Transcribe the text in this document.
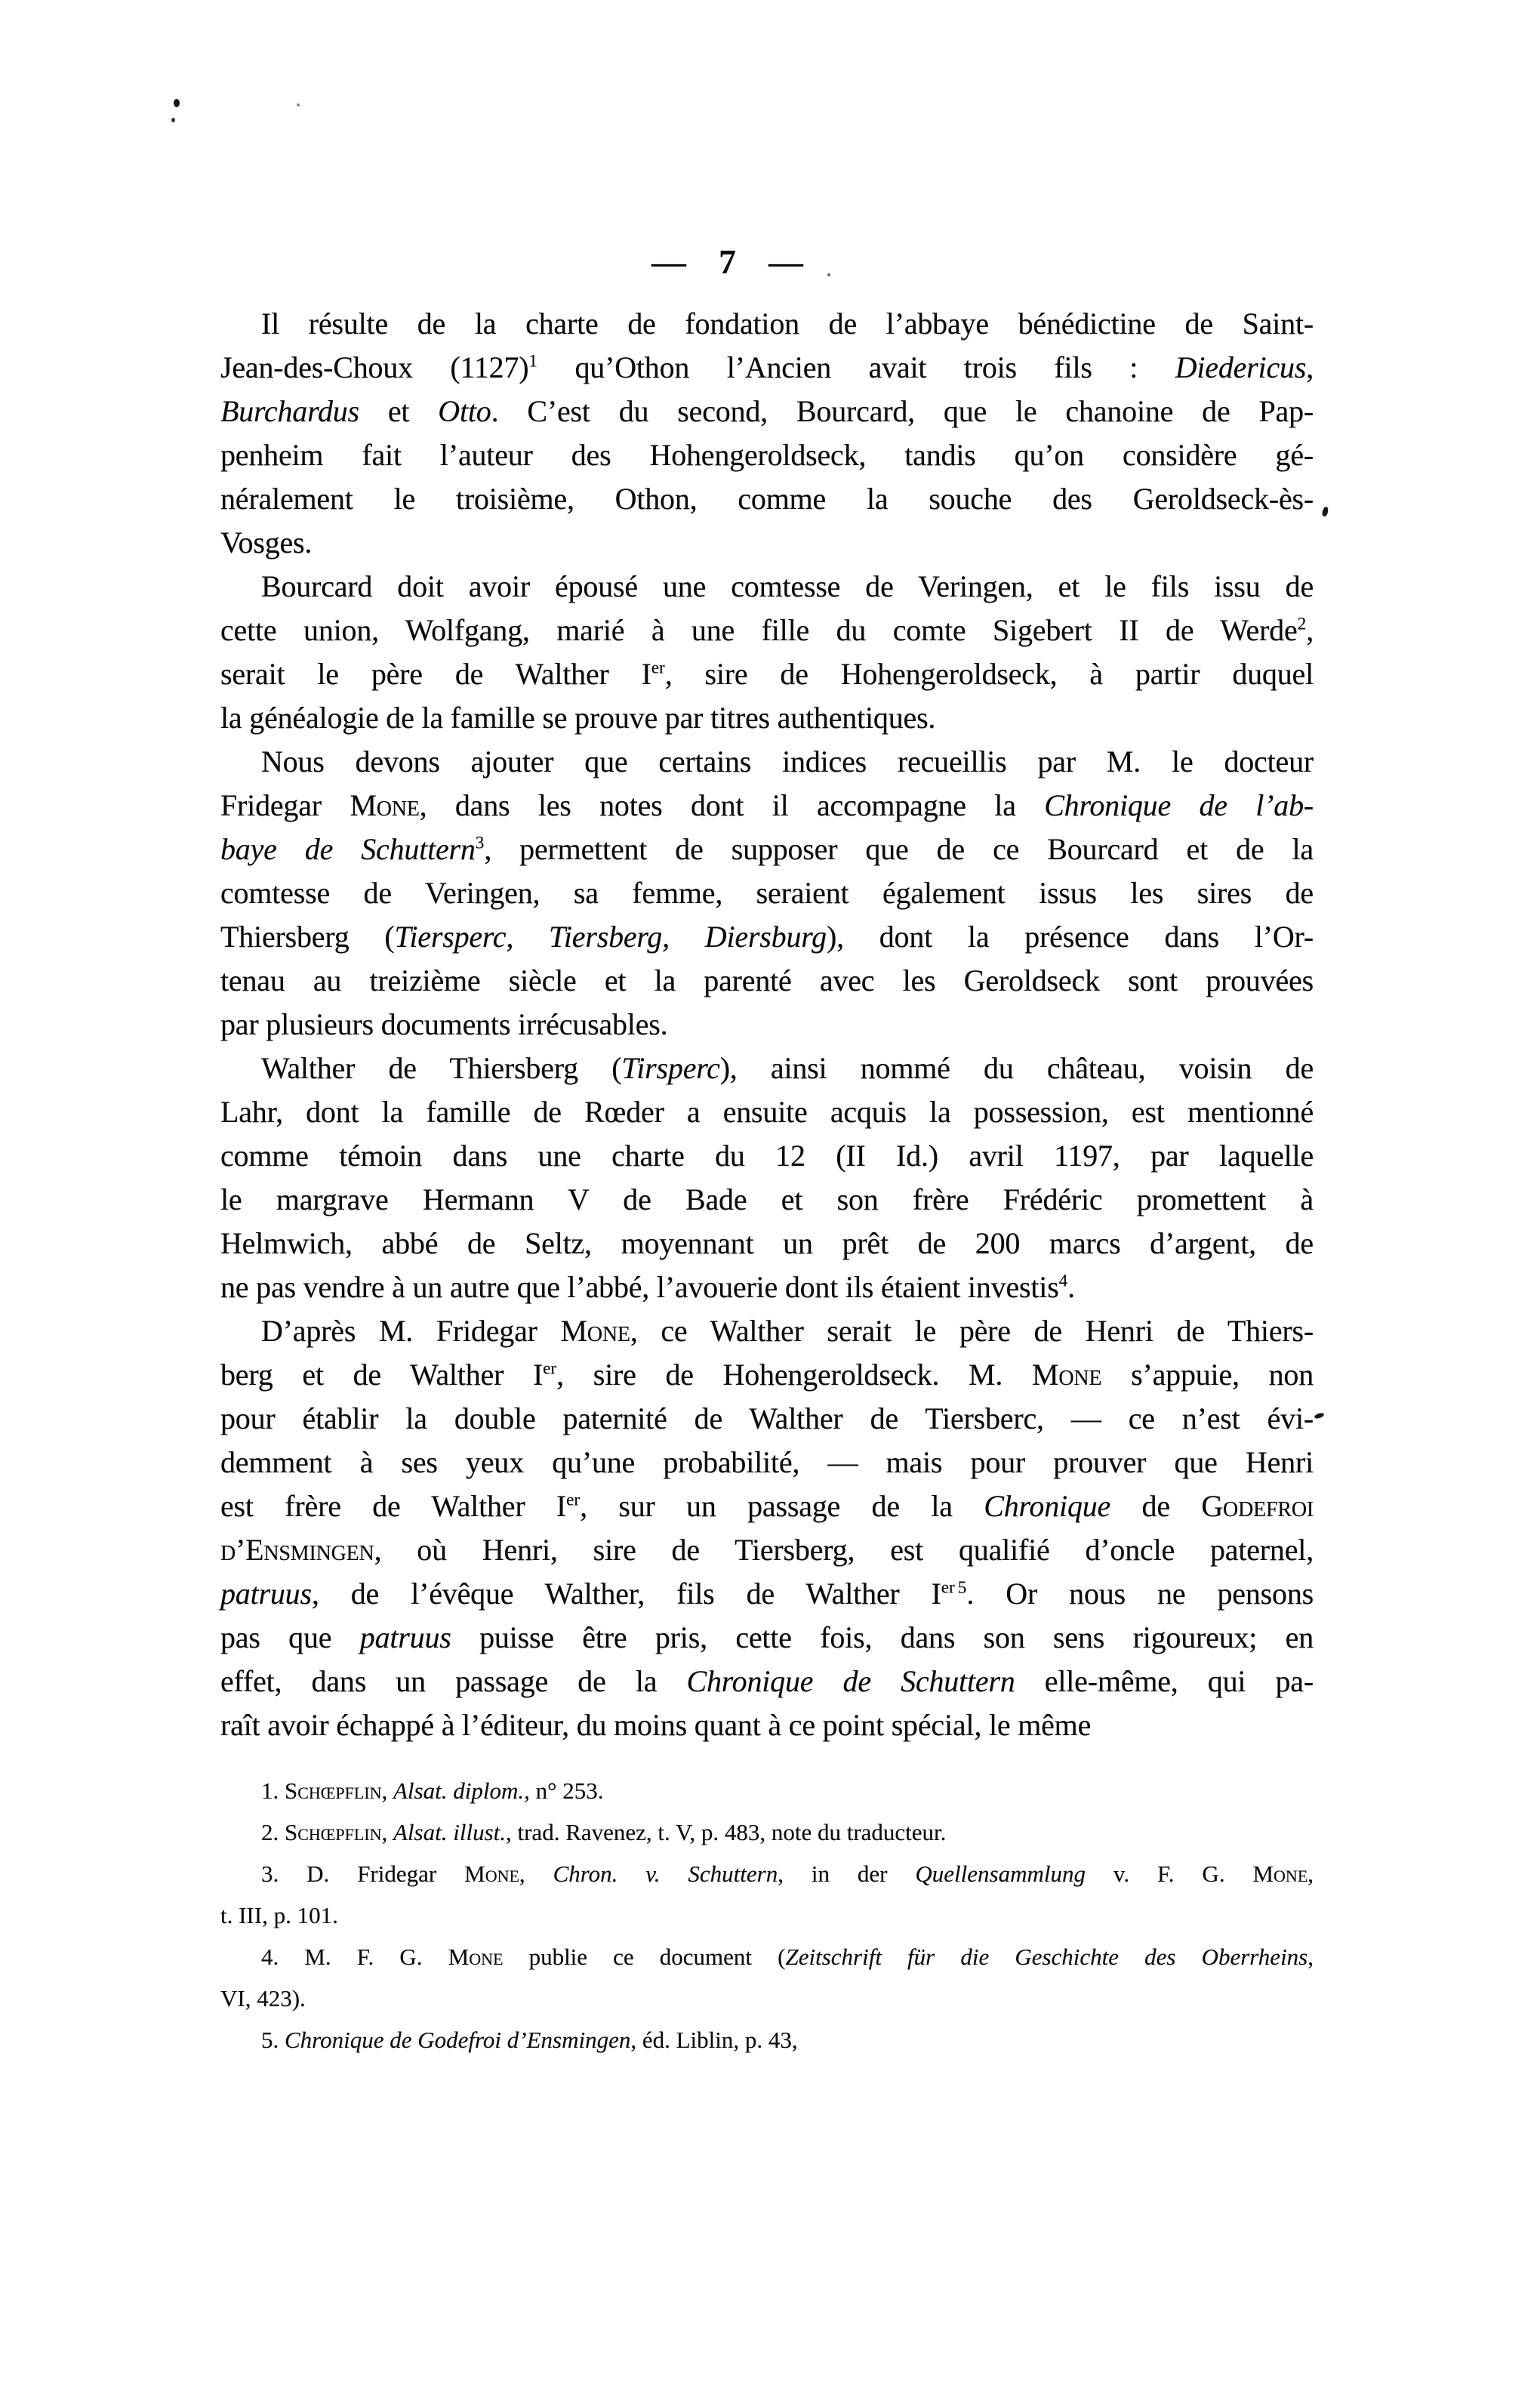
— 7 —
Il résulte de la charte de fondation de l’abbaye bénédictine de Saint-
Jean-des-Choux $(1127)^1$ qu’Othon l’Ancien avait trois fils : Diedericus,
Burchardus et Otto. C’est du second, Bourcard, que le chanoine de Pap-
penheim fait l’auteur des Hohengeroldseck, tandis qu’on considère gé-
néralement le troisième, Othon, comme la souche des Geroldseck-ès-
Vosges.
Bourcard doit avoir épousé une comtesse de Veringen, et le fils issu de
cette union, Wolfgang, marié à une fille du comte Sigebert II de Werde$^2$,
serait le père de Walther Ier, sire de Hohengeroldseck, à partir duquel
la généalogie de la famille se prouve par titres authentiques.
Nous devons ajouter que certains indices recueillis par M. le docteur
Fridegar Mone, dans les notes dont il accompagne la Chronique de l’ab-
baye de Schuttern$^3$, permettent de supposer que de ce Bourcard et de la
comtesse de Veringen, sa femme, seraient également issus les sires de
Thiersberg (Tiersperc, Tiersberg, Diersburg), dont la présence dans l’Or-
tenau au treizième siècle et la parenté avec les Geroldseck sont prouvées
par plusieurs documents irrécusables.
Walther de Thiersberg (Tirsperc), ainsi nommé du château, voisin de
Lahr, dont la famille de Rœder a ensuite acquis la possession, est mentionné
comme témoin dans une charte du 12 (II Id.) avril 1197, par laquelle
le margrave Hermann V de Bade et son frère Frédéric promettent à
Helmwich, abbé de Seltz, moyennant un prêt de 200 marcs d’argent, de
ne pas vendre à un autre que l’abbé, l’avouerie dont ils étaient investis$^4$.
D’après M. Fridegar Mone, ce Walther serait le père de Henri de Thiers-
berg et de Walther Ier, sire de Hohengeroldseck. M. Mone s’appuie, non
pour établir la double paternité de Walther de Tiersberc, — ce n’est évi-
demment à ses yeux qu’une probabilité, — mais pour prouver que Henri
est frère de Walther Ier, sur un passage de la Chronique de Godefroi
d’Ensmingen, où Henri, sire de Tiersberg, est qualifié d’oncle paternel,
patruus, de l’évêque Walther, fils de Walther Ier $^5$. Or nous ne pensons
pas que patruus puisse être pris, cette fois, dans son sens rigoureux; en
effet, dans un passage de la Chronique de Schuttern elle-même, qui pa-
raît avoir échappé à l’éditeur, du moins quant à ce point spécial, le même
1. Schœpflin, Alsat. diplom., n° 253.
2. Schœpflin, Alsat. illust., trad. Ravenez, t. V, p. 483, note du traducteur.
3. D. Fridegar Mone, Chron. v. Schuttern, in der Quellensammlung v. F. G. Mone,
t. III, p. 101.
4. M. F. G. Mone publie ce document (Zeitschrift für die Geschichte des Oberrheins,
VI, 423).
5. Chronique de Godefroi d’Ensmingen, éd. Liblin, p. 43,
